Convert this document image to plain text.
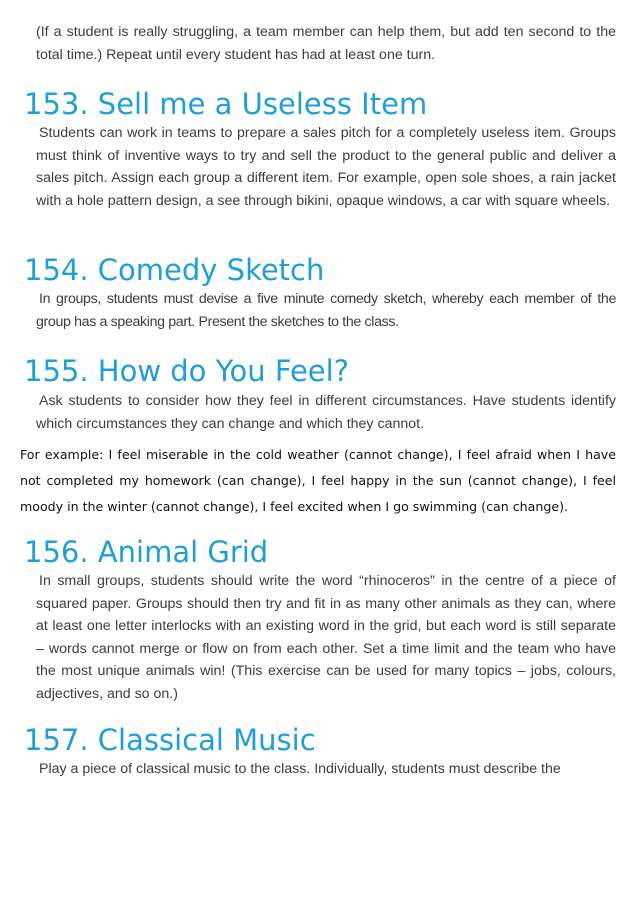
(If a student is really struggling, a team member can help them, but add ten second to the total time.) Repeat until every student has had at least one turn.

153. Sell me a Useless Item

Students can work in teams to prepare a sales pitch for a completely useless item. Groups must think of inventive ways to try and sell the product to the general public and deliver a sales pitch. Assign each group a different item. For example, open sole shoes, a rain jacket with a hole pattern design, a see through bikini, opaque windows, a car with square wheels.

154. Comedy Sketch

In groups, students must devise a five minute comedy sketch, whereby each member of the group has a speaking part. Present the sketches to the class.

155. How do You Feel?

Ask students to consider how they feel in different circumstances. Have students identify which circumstances they can change and which they cannot.

For example: I feel miserable in the cold weather (cannot change), I feel afraid when I have not completed my homework (can change), I feel happy in the sun (cannot change), I feel moody in the winter (cannot change), I feel excited when I go swimming (can change).

156. Animal Grid

In small groups, students should write the word “rhinoceros” in the centre of a piece of squared paper. Groups should then try and fit in as many other animals as they can, where at least one letter interlocks with an existing word in the grid, but each word is still separate – words cannot merge or flow on from each other. Set a time limit and the team who have the most unique animals win! (This exercise can be used for many topics – jobs, colours, adjectives, and so on.)

157. Classical Music

Play a piece of classical music to the class. Individually, students must describe the
